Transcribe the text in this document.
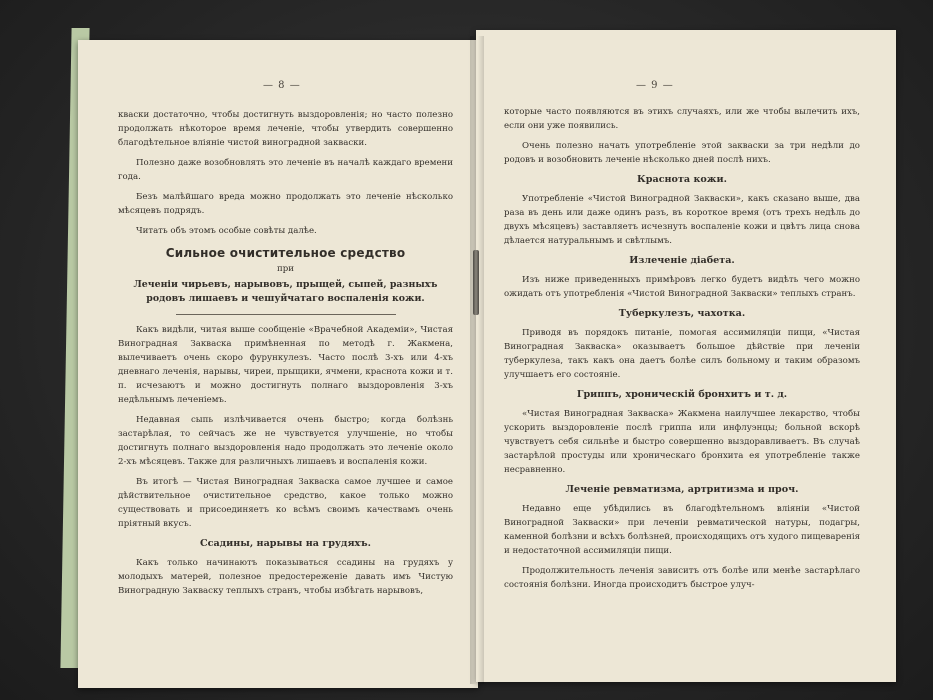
— 8 —

кваски достаточно, чтобы достигнуть выздоровленія; но часто полезно продолжать нѣкоторое время леченіе, чтобы утвердить совершенно благодѣтельное вліяніе чистой виноградной закваски.

Полезно даже возобновлять это леченіе въ началѣ каждаго времени года.

Безъ малѣйшаго вреда можно продолжать это леченіе нѣсколько мѣсяцевъ подрядъ.

Читать объ этомъ особые совѣты далѣе.

Сильное очистительное средство
при
Леченіи чирьевъ, нарывовъ, прыщей, сыпей, разныхъ родовъ лишаевъ и чешуйчатаго воспаленія кожи.

Какъ видѣли, читая выше сообщеніе «Врачебной Академіи», Чистая Виноградная Закваска примѣненная по методѣ г. Жакмена, вылечиваетъ очень скоро фурункулезъ. Часто послѣ 3-хъ или 4-хъ дневнаго леченія, нарывы, чиреи, прыщики, ячмени, краснота кожи и т. п. исчезаютъ и можно достигнуть полнаго выздоровленія 3-хъ недѣльнымъ леченіемъ.

Недавная сыпь излѣчивается очень быстро; когда болѣзнь застарѣлая, то сейчасъ же не чувствуется улучшеніе, но чтобы достигнуть полнаго выздоровленія надо продолжать это леченіе около 2-хъ мѣсяцевъ. Также для различныхъ лишаевъ и воспаленія кожи.

Въ итогѣ — Чистая Виноградная Закваска самое лучшее и самое дѣйствительное очистительное средство, какое только можно существовать и присоединяетъ ко всѣмъ своимъ качествамъ очень пріятный вкусъ.

Ссадины, нарывы на грудяхъ.

Какъ только начинаютъ показываться ссадины на грудяхъ у молодыхъ матерей, полезное предостереженіе давать имъ Чистую Виноградную Закваску теплыхъ странъ, чтобы избѣгать нарывовъ,

— 9 —

которые часто появляются въ этихъ случаяхъ, или же чтобы вылечить ихъ, если они уже появились.

Очень полезно начать употребленіе этой закваски за три недѣли до родовъ и возобновить леченіе нѣсколько дней послѣ нихъ.

Краснота кожи.

Употребленіе «Чистой Виноградной Закваски», какъ сказано выше, два раза въ день или даже одинъ разъ, въ короткое время (отъ трехъ недѣль до двухъ мѣсяцевъ) заставляетъ исчезнуть воспаленіе кожи и цвѣтъ лица снова дѣлается натуральнымъ и свѣтлымъ.

Излеченіе діабета.

Изъ ниже приведенныхъ примѣровъ легко будетъ видѣть чего можно ожидать отъ употребленія «Чистой Виноградной Закваски» теплыхъ странъ.

Туберкулезъ, чахотка.

Приводя въ порядокъ питаніе, помогая ассимиляціи пищи, «Чистая Виноградная Закваска» оказываетъ большое дѣйствіе при леченіи туберкулеза, такъ какъ она даетъ болѣе силъ больному и таким образомъ улучшаетъ его состояніе.

Гриппъ, хроническій бронхитъ и т. д.

«Чистая Виноградная Закваска» Жакмена наилучшее лекарство, чтобы ускорить выздоровленіе послѣ гриппа или инфлуэнцы; больной вскорѣ чувствуетъ себя сильнѣе и быстро совершенно выздоравливаетъ. Въ случаѣ застарѣлой простуды или хроническаго бронхита ея употребленіе также несравненно.

Леченіе ревматизма, артритизма и проч.

Недавно еще убѣдились въ благодѣтельномъ вліяніи «Чистой Виноградной Закваски» при леченіи ревматической натуры, подагры, каменной болѣзни и всѣхъ болѣзней, происходящихъ отъ худого пищеваренія и недостаточной ассимиляціи пищи.

Продолжительность леченія зависитъ отъ болѣе или менѣе застарѣлаго состоянія болѣзни. Иногда происходитъ быстрое улуч-
